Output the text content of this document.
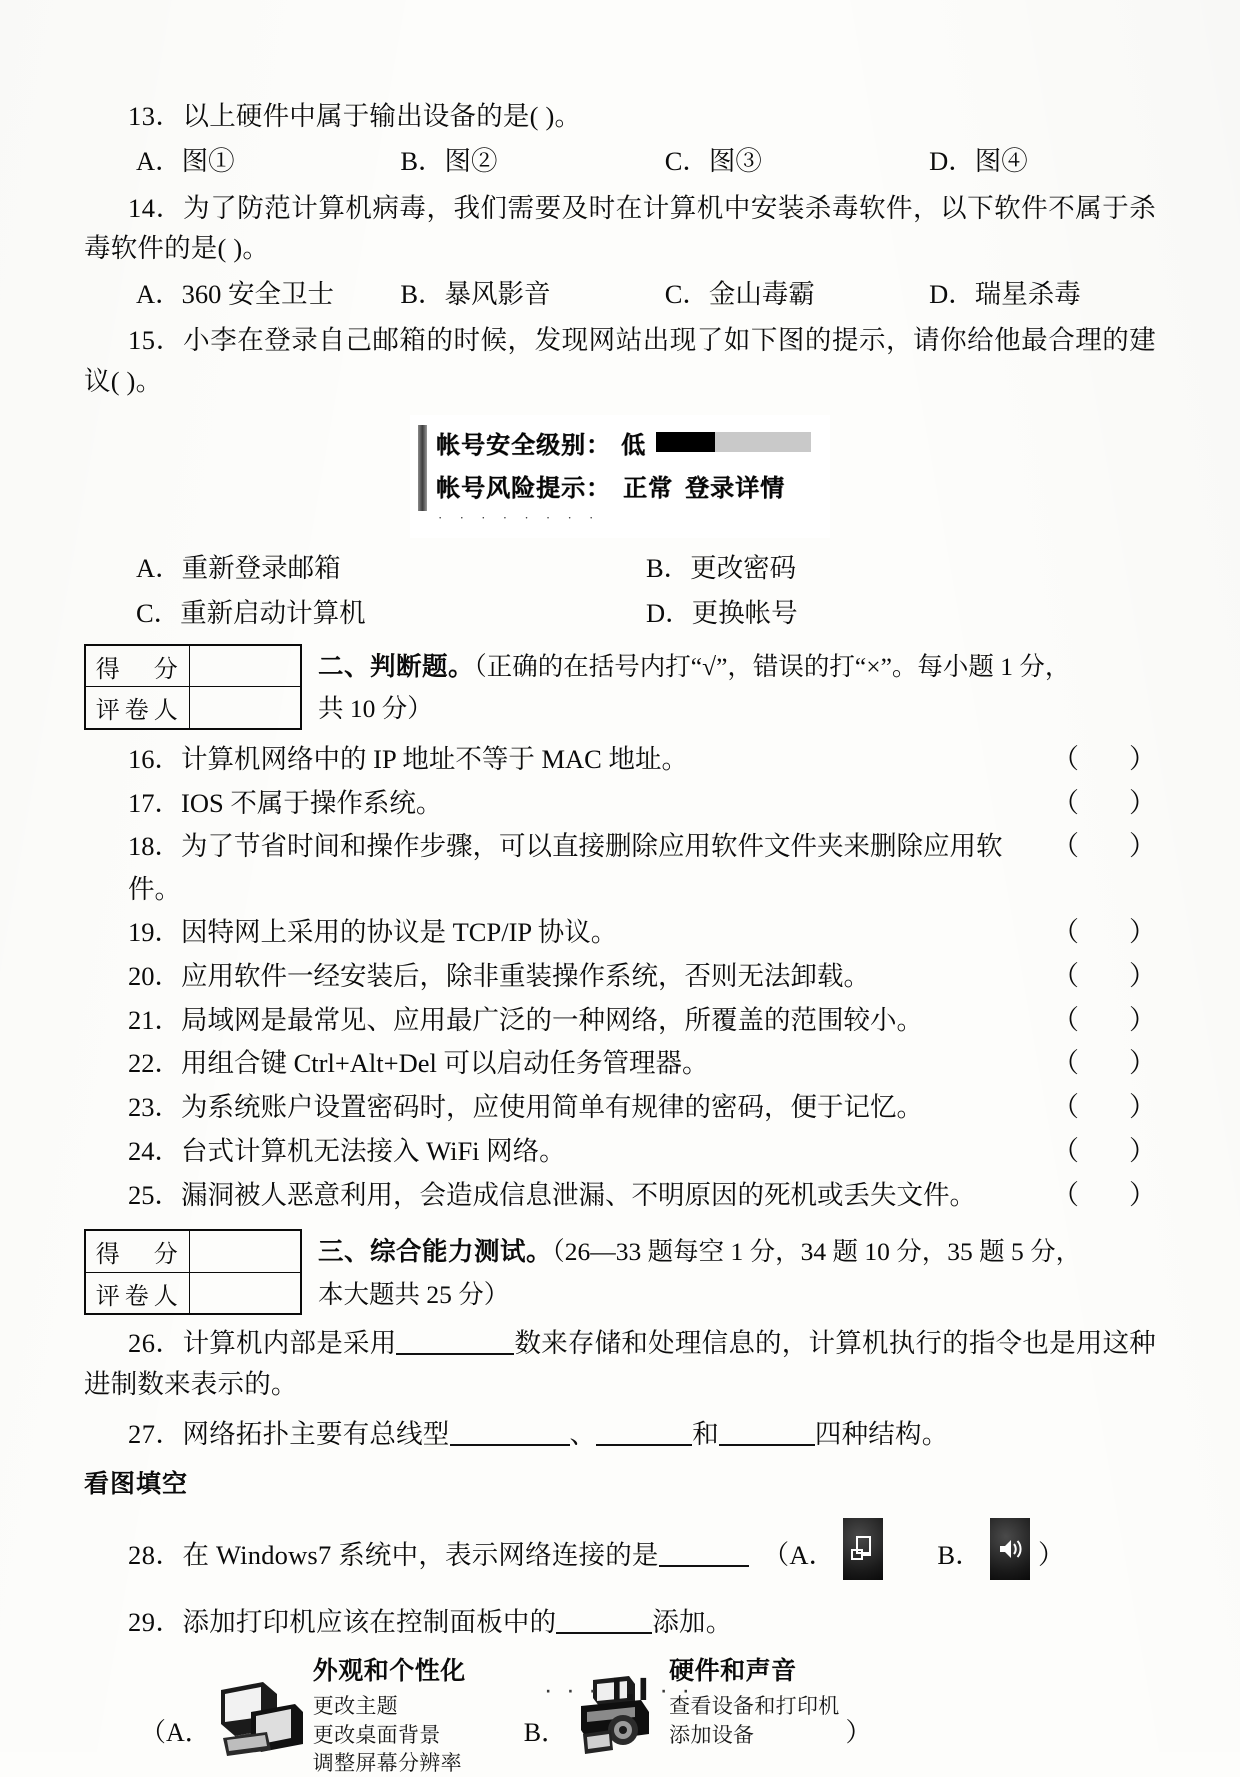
13．以上硬件中属于输出设备的是( )。

A．图①	B．图②	C．图③	D．图④

14．为了防范计算机病毒，我们需要及时在计算机中安装杀毒软件，以下软件不属于杀毒软件的是( )。

A．360 安全卫士	B．暴风影音	C．金山毒霸	D．瑞星杀毒

15．小李在登录自己邮箱的时候，发现网站出现了如下图的提示，请你给他最合理的建议( )。

帐号安全级别： 低
帐号风险提示： 正常 登录详情
· · · · · · · ·
A．重新登录邮箱	B．更改密码
C．重新启动计算机	D．更换帐号
得　分	
评卷人	
二、判断题。（正确的在括号内打“√”，错误的打“×”。每小题 1 分，
共 10 分）
16．计算机网络中的 IP 地址不等于 MAC 地址。	（ ）
17．IOS 不属于操作系统。	（ ）
18．为了节省时间和操作步骤，可以直接删除应用软件文件夹来删除应用软件。
（ ）
19．因特网上采用的协议是 TCP/IP 协议。	（ ）
20．应用软件一经安装后，除非重装操作系统，否则无法卸载。	（ ）
21．局域网是最常见、应用最广泛的一种网络，所覆盖的范围较小。	（ ）
22．用组合键 Ctrl+Alt+Del 可以启动任务管理器。	（ ）
23．为系统账户设置密码时，应使用简单有规律的密码，便于记忆。	（ ）
24．台式计算机无法接入 WiFi 网络。	（ ）
25．漏洞被人恶意利用，会造成信息泄漏、不明原因的死机或丢失文件。	（ ）
得　分	
评卷人	
三、综合能力测试。（26—33 题每空 1 分，34 题 10 分，35 题 5 分，
本大题共 25 分）

26．计算机内部是采用	数来存储和处理信息的，计算机执行的指令也是用这种进制数来表示的。

27．网络拓扑主要有总线型	、	和	四种结构。

看图填空

28．在 Windows7 系统中，表示网络连接的是	（A．	B． ）

29．添加打印机应该在控制面板中的	添加。

（A．
外观和个性化
更改主题
更改桌面背景
调整屏幕分辨率
B．
硬件和声音
查看设备和打印机
添加设备	）
· · · Ⅰ.Ⅰ · ·
